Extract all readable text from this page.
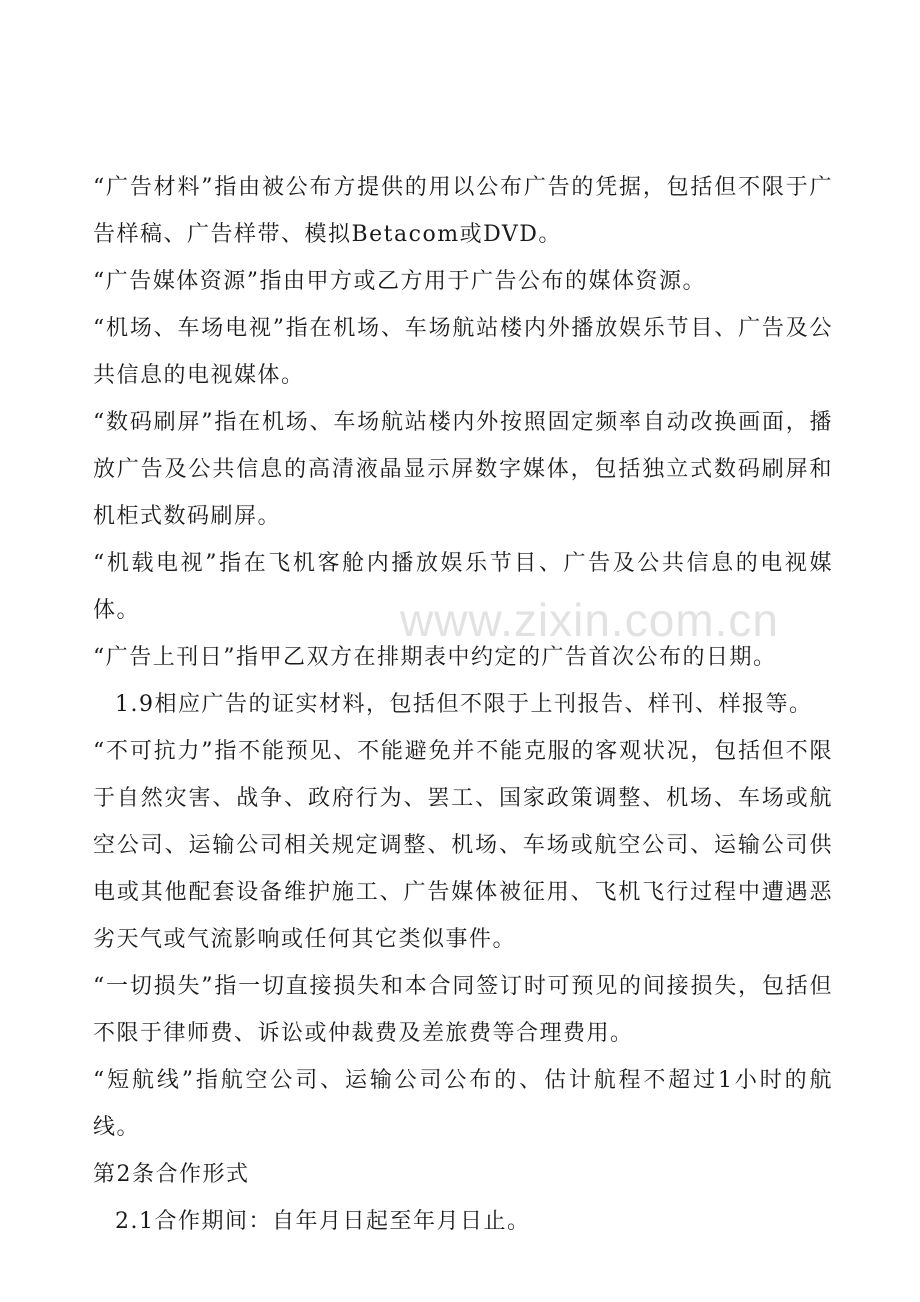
www.zixin.com.cn

“广告材料”指由被公布方提供的用以公布广告的凭据，包括但不限于广告样稿、广告样带、模拟Betacom或DVD。

“广告媒体资源”指由甲方或乙方用于广告公布的媒体资源。

“机场、车场电视”指在机场、车场航站楼内外播放娱乐节目、广告及公共信息的电视媒体。

“数码刷屏”指在机场、车场航站楼内外按照固定频率自动改换画面，播放广告及公共信息的高清液晶显示屏数字媒体，包括独立式数码刷屏和机柜式数码刷屏。

“机载电视”指在飞机客舱内播放娱乐节目、广告及公共信息的电视媒体。

“广告上刊日”指甲乙双方在排期表中约定的广告首次公布的日期。

1.9相应广告的证实材料，包括但不限于上刊报告、样刊、样报等。

“不可抗力”指不能预见、不能避免并不能克服的客观状况，包括但不限于自然灾害、战争、政府行为、罢工、国家政策调整、机场、车场或航空公司、运输公司相关规定调整、机场、车场或航空公司、运输公司供电或其他配套设备维护施工、广告媒体被征用、飞机飞行过程中遭遇恶劣天气或气流影响或任何其它类似事件。

“一切损失”指一切直接损失和本合同签订时可预见的间接损失，包括但不限于律师费、诉讼或仲裁费及差旅费等合理费用。

“短航线”指航空公司、运输公司公布的、估计航程不超过1小时的航线。

第2条合作形式

2.1合作期间：自年月日起至年月日止。
